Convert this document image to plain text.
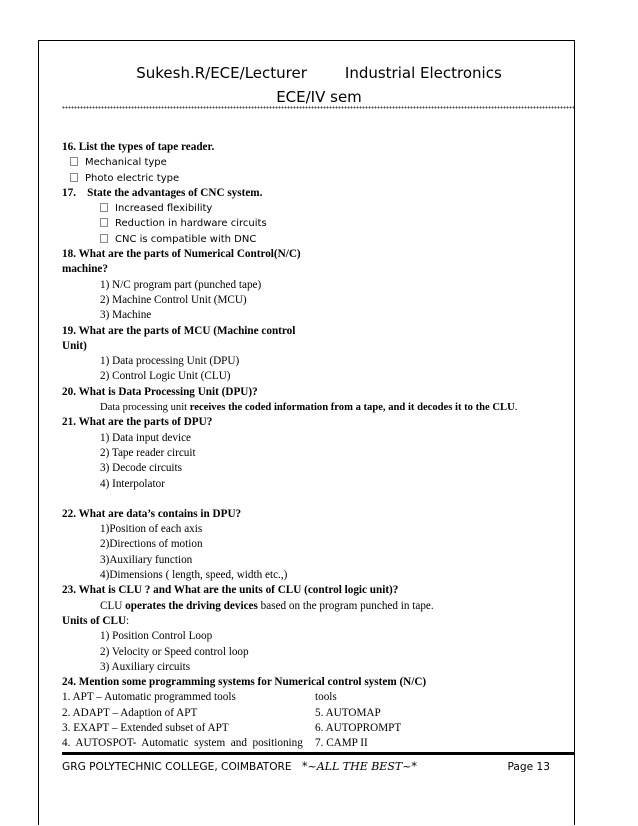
Sukesh.R/ECE/Lecturer	Industrial Electronics
ECE/IV sem
16. List the types of tape reader.
Mechanical type
Photo electric type
17.    State the advantages of CNC system.
Increased flexibility
Reduction in hardware circuits
CNC is compatible with DNC
18. What are the parts of Numerical Control(N/C)
machine?
1) N/C program part (punched tape)
2) Machine Control Unit (MCU)
3) Machine
19. What are the parts of MCU (Machine control
Unit)
1) Data processing Unit (DPU)
2) Control Logic Unit (CLU)
20. What is Data Processing Unit (DPU)?
Data processing unit receives the coded information from a tape, and it decodes it to the CLU.
21. What are the parts of DPU?
1) Data input device
2) Tape reader circuit
3) Decode circuits
4) Interpolator
22. What are data’s contains in DPU?
1)Position of each axis
2)Directions of motion
3)Auxiliary function
4)Dimensions ( length, speed, width etc.,)
23. What is CLU ? and What are the units of CLU (control logic unit)?
CLU operates the driving devices based on the program punched in tape.
Units of CLU:
1) Position Control Loop
2) Velocity or Speed control loop
3) Auxiliary circuits
24. Mention some programming systems for Numerical control system (N/C)
1. APT – Automatic programmed tools	tools
2. ADAPT – Adaption of APT	5. AUTOMAP
3. EXAPT – Extended subset of APT	6. AUTOPROMPT
4.  AUTOSPOT-  Automatic  system  and  positioning 7. CAMP II
GRG POLYTECHNIC COLLEGE, COIMBATORE *~ALL THE BEST~*	Page 13
